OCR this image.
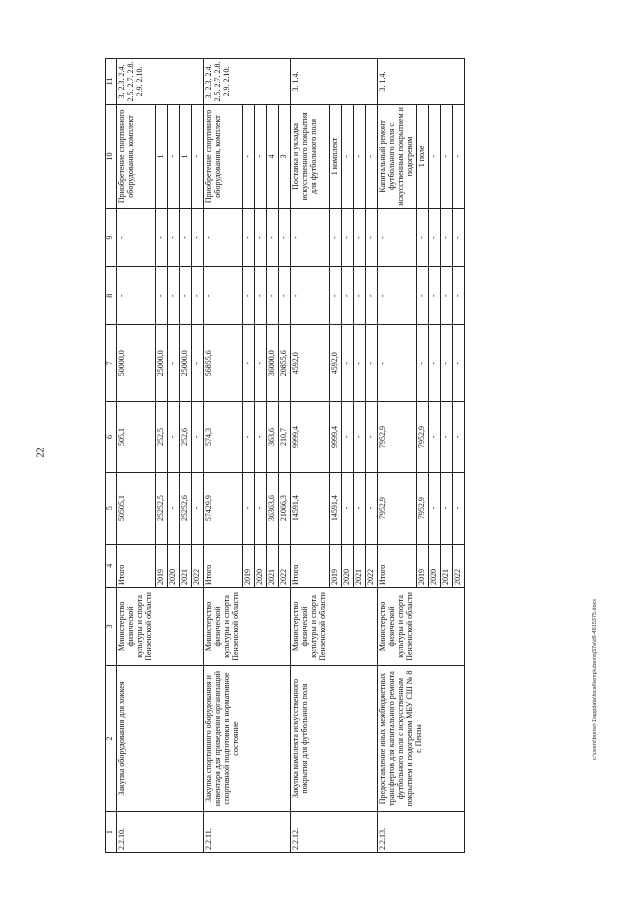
22
1	2	3	4	5	6	7	8	9	10	11
2.2.10.	Закупка оборудования для хоккея	Министерство физической культуры и спорта Пензенской области	Итого	50505,1	505,1	50000,0	-	-	Приобретение спортивного оборудования, комплект	3. 2.3. 2.4. 2.5. 2.7. 2.8. 2.9. 2.10.
			2019	25252,5	252,5	25000,0	-	-	1	
			2020	-	-	-	-	-	-	
			2021	25252,6	252,6	25000,0	-	-	1	
			2022	-	-	-	-	-	-	
2.2.11.	Закупка спортивного оборудования и инвентаря для приведения организаций спортивной подготовки в нормативное состояние	Министерство физической культуры и спорта Пензенской области	Итого	57429,9	574,3	56855,6	-	-	Приобретение спортивного оборудования, комплект	3. 2.3. 2.4. 2.5. 2.7. 2.8. 2.9. 2.10.
			2019	-	-	-	-	-	-	
			2020	-	-	-	-	-	-	
			2021	36363,6	363,6	36000,0	-	-	4	
			2022	21066,3	210,7	20855,6	-	-	3	
2.2.12.	Закупка комплекта искусственного покрытия для футбольного поля	Министерство физической культуры и спорта Пензенской области	Итого	14591,4	9999,4	4592,0	-	-	Поставка и укладка искусственного покрытия для футбольного поля	3. 1.4.
			2019	14591,4	9999,4	4592,0	-	-	1 комплект	
			2020	-	-	-	-	-	-	
			2021	-	-	-	-	-	-	
			2022	-	-	-	-	-	-	
2.2.13.	Предоставление иных межбюджетных трансфертов для капитального ремонта футбольного поля с искусственным покрытием и подогревом МБУ СШ № 8 г. Пензы	Министерство физической культуры и спорта Пензенской области	Итого	7952,9	7952,9	-	-	-	Капитальный ремонт футбольного поля с искусственным покрытием и подогревом	3. 1.4.
			2019	7952,9	7952,9	-	-	-	1 поле	
			2020	-	-	-	-	-	-	
			2021	-	-	-	-	-	-	
			2022	-	-	-	-	-	-	
c:\users\borovi-1\appdata\local\temp\ubemsj37a\d9-4615375.docx
